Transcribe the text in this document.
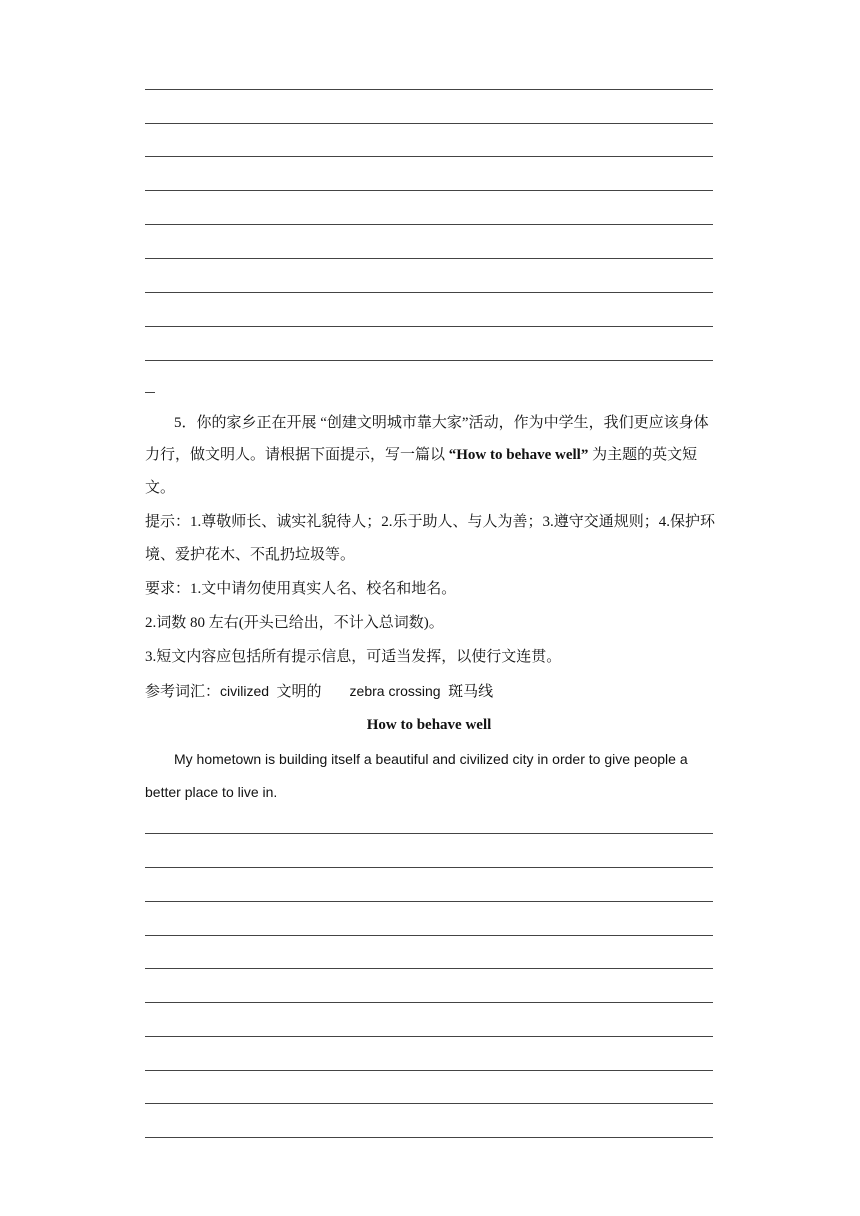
5．你的家乡正在开展 “创建文明城市靠大家”活动，作为中学生，我们更应该身体
力行，做文明人。请根据下面提示，写一篇以 “How to behave well” 为主题的英文短
文。
提示：1.尊敬师长、诚实礼貌待人；2.乐于助人、与人为善；3.遵守交通规则；4.保护环
境、爱护花木、不乱扔垃圾等。
要求：1.文中请勿使用真实人名、校名和地名。
2.词数 80 左右(开头已给出，不计入总词数)。
3.短文内容应包括所有提示信息，可适当发挥，以使行文连贯。
参考词汇：civilized 文明的 zebra crossing 斑马线
How to behave well
My hometown is building itself a beautiful and civilized city in order to give people a
better place to live in.
